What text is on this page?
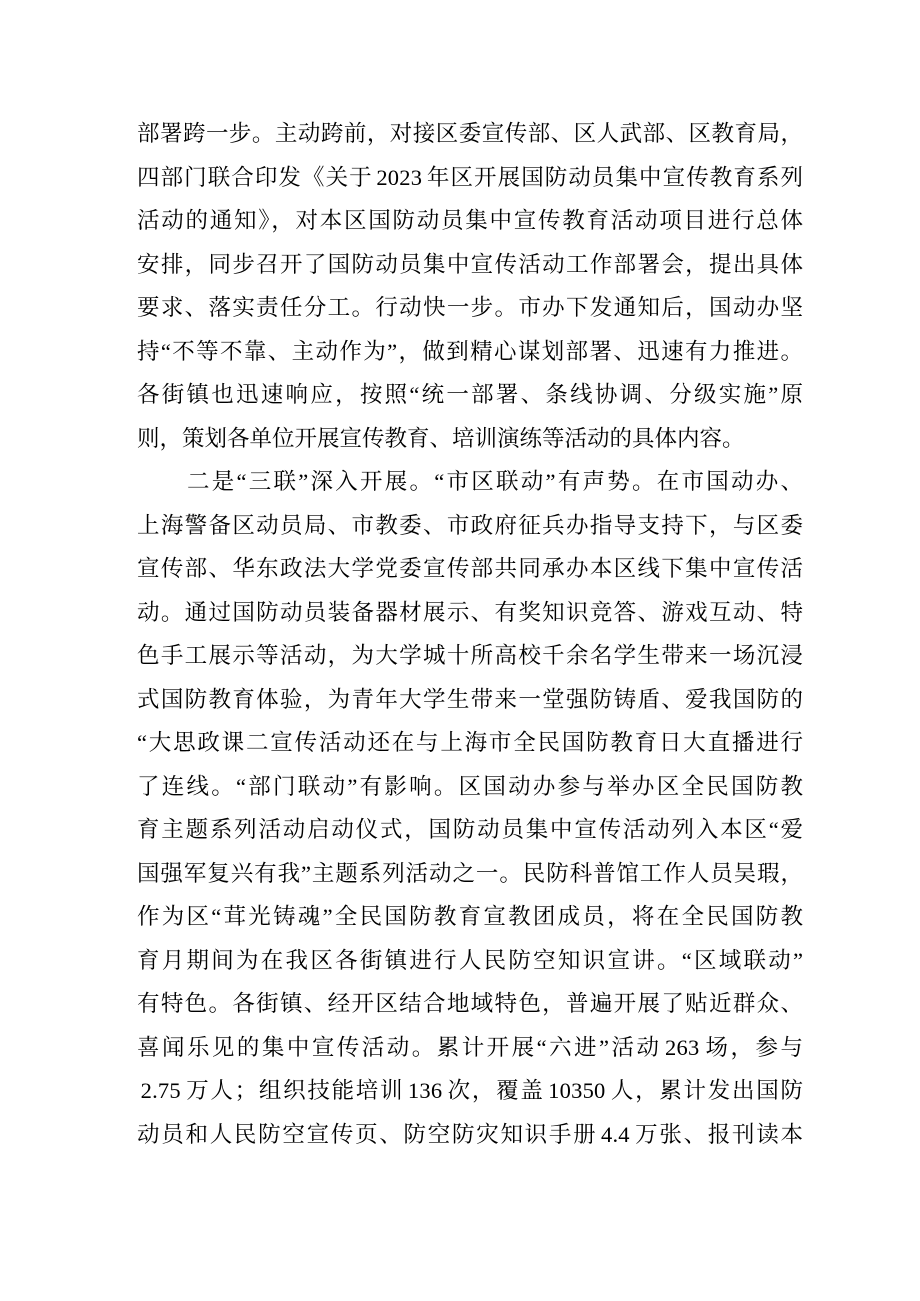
部署跨一步。主动跨前，对接区委宣传部、区人武部、区教育局，
四部门联合印发《关于 2023 年区开展国防动员集中宣传教育系列
活动的通知》，对本区国防动员集中宣传教育活动项目进行总体
安排，同步召开了国防动员集中宣传活动工作部署会，提出具体
要求、落实责任分工。行动快一步。市办下发通知后，国动办坚
持“不等不靠、主动作为”，做到精心谋划部署、迅速有力推进。
各街镇也迅速响应，按照“统一部署、条线协调、分级实施”原
则，策划各单位开展宣传教育、培训演练等活动的具体内容。
二是“三联”深入开展。“市区联动”有声势。在市国动办、
上海警备区动员局、市教委、市政府征兵办指导支持下，与区委
宣传部、华东政法大学党委宣传部共同承办本区线下集中宣传活
动。通过国防动员装备器材展示、有奖知识竞答、游戏互动、特
色手工展示等活动，为大学城十所高校千余名学生带来一场沉浸
式国防教育体验，为青年大学生带来一堂强防铸盾、爱我国防的
“大思政课二宣传活动还在与上海市全民国防教育日大直播进行
了连线。“部门联动”有影响。区国动办参与举办区全民国防教
育主题系列活动启动仪式，国防动员集中宣传活动列入本区“爱
国强军复兴有我”主题系列活动之一。民防科普馆工作人员吴瑕，
作为区“茸光铸魂”全民国防教育宣教团成员，将在全民国防教
育月期间为在我区各街镇进行人民防空知识宣讲。“区域联动”
有特色。各街镇、经开区结合地域特色，普遍开展了贴近群众、
喜闻乐见的集中宣传活动。累计开展“六进”活动 263 场，参与
2.75 万人；组织技能培训 136 次，覆盖 10350 人，累计发出国防
动员和人民防空宣传页、防空防灾知识手册 4.4 万张、报刊读本
